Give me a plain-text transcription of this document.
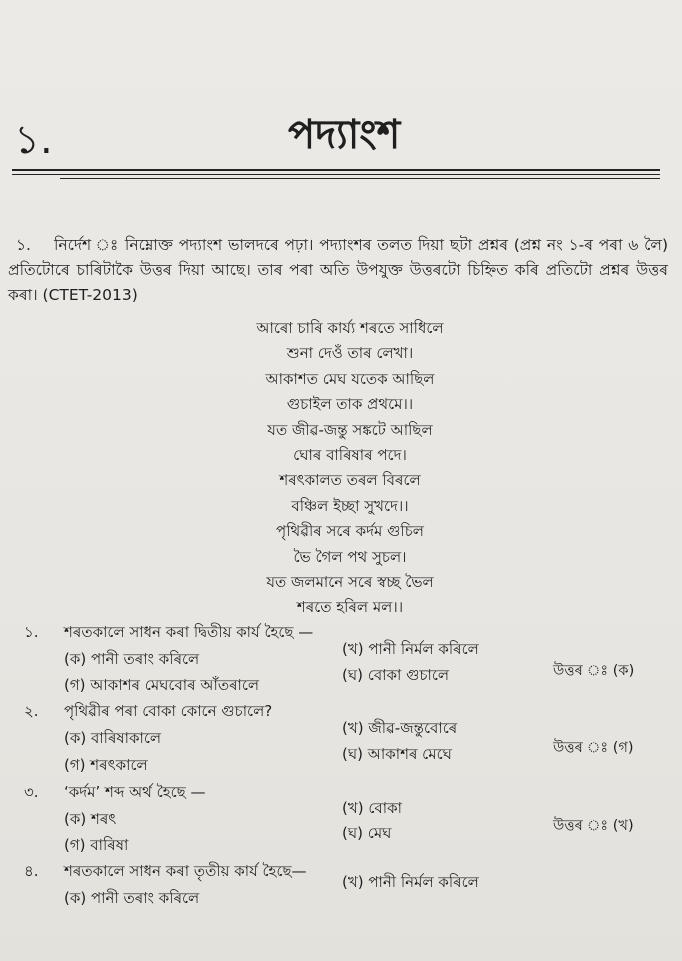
১.	পদ্যাংশ
১. নির্দেশ ঃ নিম্নোক্ত পদ্যাংশ ভালদৰে পঢ়া। পদ্যাংশৰ তলত দিয়া ছটা প্রশ্নৰ (প্রশ্ন নং ১-ৰ পৰা ৬ লৈ) প্রতিটোৰে চাৰিটাকৈ উত্তৰ দিয়া আছে। তাৰ পৰা অতি উপযুক্ত উত্তৰটো চিহ্নিত কৰি প্রতিটো প্রশ্নৰ উত্তৰ কৰা। (CTET-2013)
আৰো চাৰি কাৰ্য্য শৰতে সাধিলে
শুনা দেওঁ তাৰ লেখা।
আকাশত মেঘ যতেক আছিল
গুচাইল তাক প্ৰথমে।।
যত জীৱ-জন্তু সঙ্কটে আছিল
ঘোৰ বাৰিষাৰ পদে।
শৰৎকালত তৰল বিৰলে
বঞ্চিল ইচ্ছা সুখদে।।
পৃথিৱীৰ সৰে কৰ্দম গুচিল
ভৈ গৈল পথ সুচল।
যত জলমানে সৰে স্বচ্ছ ভৈল
শৰতে হৰিল মল।।
১. শৰতকালে সাধন কৰা দ্বিতীয় কাৰ্য হৈছে —
(ক) পানী তৰাং কৰিলে
(খ) পানী নিৰ্মল কৰিলে
(গ) আকাশৰ মেঘবোৰ আঁতৰালে
(ঘ) বোকা গুচালে	উত্তৰ ঃ (ক)
২. পৃথিৱীৰ পৰা বোকা কোনে গুচালে?
(ক) বাৰিষাকালে
(খ) জীৱ-জন্তুবোৰে
(গ) শৰৎকালে
(ঘ) আকাশৰ মেঘে	উত্তৰ ঃ (গ)
৩. ‘কৰ্দম’ শব্দ অৰ্থ হৈছে —
(ক) শৰৎ
(খ) বোকা
(গ) বাৰিষা
(ঘ) মেঘ	উত্তৰ ঃ (খ)
৪. শৰতকালে সাধন কৰা তৃতীয় কাৰ্য হৈছে—
(ক) পানী তৰাং কৰিলে
(খ) পানী নিৰ্মল কৰিলে
